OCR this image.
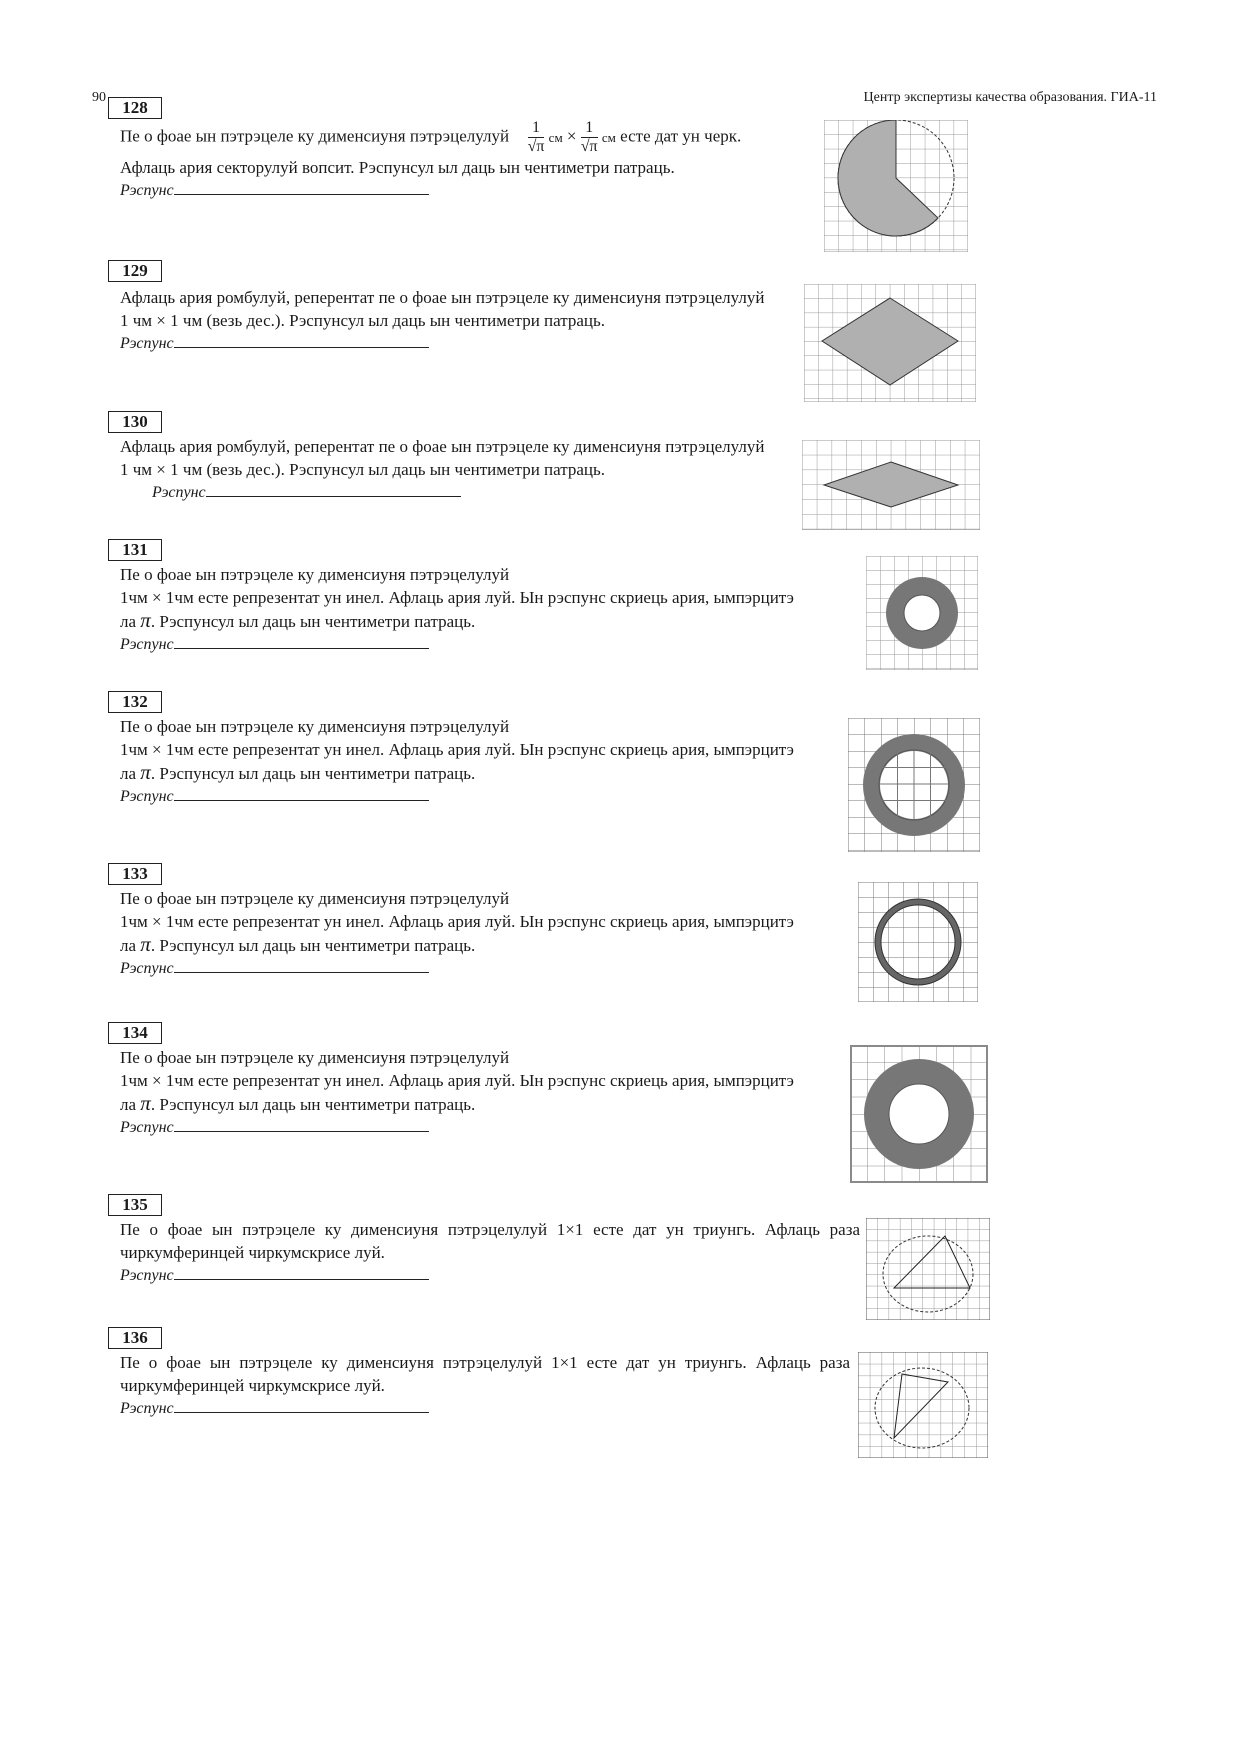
90	Центр экспертизы качества образования. ГИА-11
128
Пе о фоае ын пэтрэцеле ку дименсиуня пэтрэцелулуй $\frac{1}{√\pi}$ см × $\frac{1}{√\pi}$ см есте дат ун черк.
Афлаць ария секторулуй вопсит. Рэспунсул ыл даць ын чентиметри патраць.
Рэспунс
129
Афлаць ария ромбулуй, реперентат пе о фоае ын пэтрэцеле ку дименсиуня пэтрэцелулуй
1 чм × 1 чм (везь дес.). Рэспунсул ыл даць ын чентиметри патраць.
Рэспунс
130
Афлаць ария ромбулуй, реперентат пе о фоае ын пэтрэцеле ку дименсиуня пэтрэцелулуй
1 чм × 1 чм (везь дес.). Рэспунсул ыл даць ын чентиметри патраць.
Рэспунс
131
Пе о фоае ын пэтрэцеле ку дименсиуня пэтрэцелулуй
1чм × 1чм есте репрезентат ун инел. Афлаць ария луй. Ын рэспунс скриець ария, ымпэрцитэ
ла π. Рэспунсул ыл даць ын чентиметри патраць.
Рэспунс
132
Пе о фоае ын пэтрэцеле ку дименсиуня пэтрэцелулуй
1чм × 1чм есте репрезентат ун инел. Афлаць ария луй. Ын рэспунс скриець ария, ымпэрцитэ
ла π. Рэспунсул ыл даць ын чентиметри патраць.
Рэспунс
133
Пе о фоае ын пэтрэцеле ку дименсиуня пэтрэцелулуй
1чм × 1чм есте репрезентат ун инел. Афлаць ария луй. Ын рэспунс скриець ария, ымпэрцитэ
ла π. Рэспунсул ыл даць ын чентиметри патраць.
Рэспунс
134
Пе о фоае ын пэтрэцеле ку дименсиуня пэтрэцелулуй
1чм × 1чм есте репрезентат ун инел. Афлаць ария луй. Ын рэспунс скриець ария, ымпэрцитэ
ла π. Рэспунсул ыл даць ын чентиметри патраць.
Рэспунс
135
Пе о фоае ын пэтрэцеле ку дименсиуня пэтрэцелулуй 1×1 есте дат ун триунгь. Афлаць раза
чиркумферинцей чиркумскрисе луй.
Рэспунс
136
Пе о фоае ын пэтрэцеле ку дименсиуня пэтрэцелулуй 1×1 есте дат ун триунгь. Афлаць раза
чиркумферинцей чиркумскрисе луй.
Рэспунс
